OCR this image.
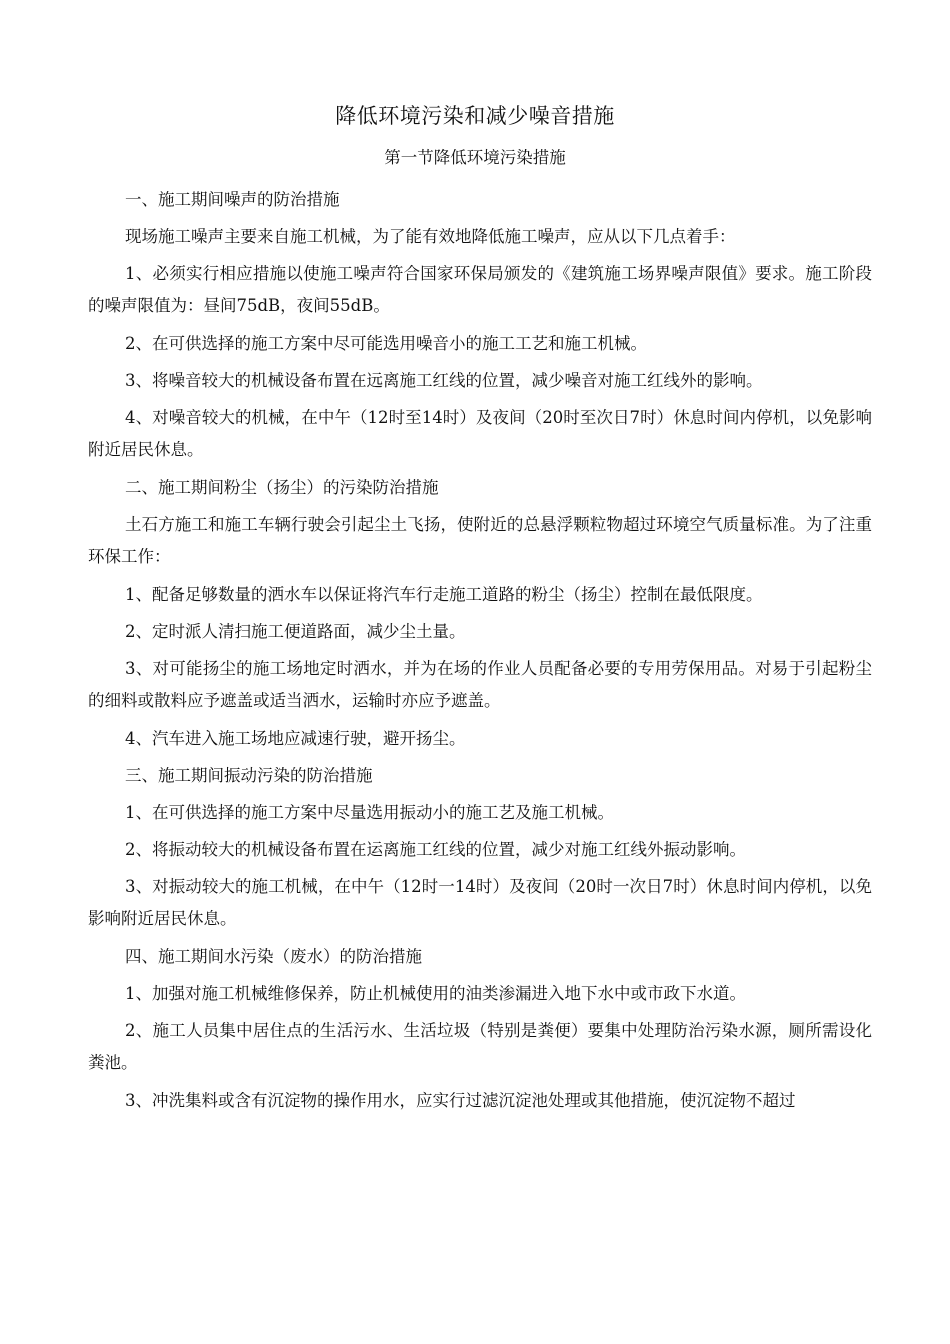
降低环境污染和减少噪音措施
第一节降低环境污染措施

一、施工期间噪声的防治措施

现场施工噪声主要来自施工机械，为了能有效地降低施工噪声，应从以下几点着手：

1、必须实行相应措施以使施工噪声符合国家环保局颁发的《建筑施工场界噪声限值》要求。施工阶段的噪声限值为：昼间75dB，夜间55dB。

2、在可供选择的施工方案中尽可能选用噪音小的施工工艺和施工机械。

3、将噪音较大的机械设备布置在远离施工红线的位置，减少噪音对施工红线外的影响。

4、对噪音较大的机械，在中午（12时至14时）及夜间（20时至次日7时）休息时间内停机，以免影响附近居民休息。

二、施工期间粉尘（扬尘）的污染防治措施

土石方施工和施工车辆行驶会引起尘土飞扬，使附近的总悬浮颗粒物超过环境空气质量标准。为了注重环保工作：

1、配备足够数量的洒水车以保证将汽车行走施工道路的粉尘（扬尘）控制在最低限度。

2、定时派人清扫施工便道路面，减少尘土量。

3、对可能扬尘的施工场地定时洒水，并为在场的作业人员配备必要的专用劳保用品。对易于引起粉尘的细料或散料应予遮盖或适当洒水，运输时亦应予遮盖。

4、汽车进入施工场地应减速行驶，避开扬尘。

三、施工期间振动污染的防治措施

1、在可供选择的施工方案中尽量选用振动小的施工艺及施工机械。

2、将振动较大的机械设备布置在运离施工红线的位置，减少对施工红线外振动影响。

3、对振动较大的施工机械，在中午（12时一14时）及夜间（20时一次日7时）休息时间内停机，以免影响附近居民休息。

四、施工期间水污染（废水）的防治措施

1、加强对施工机械维修保养，防止机械使用的油类渗漏进入地下水中或市政下水道。

2、施工人员集中居住点的生活污水、生活垃圾（特别是粪便）要集中处理防治污染水源，厕所需设化粪池。

3、冲洗集料或含有沉淀物的操作用水，应实行过滤沉淀池处理或其他措施，使沉淀物不超过
